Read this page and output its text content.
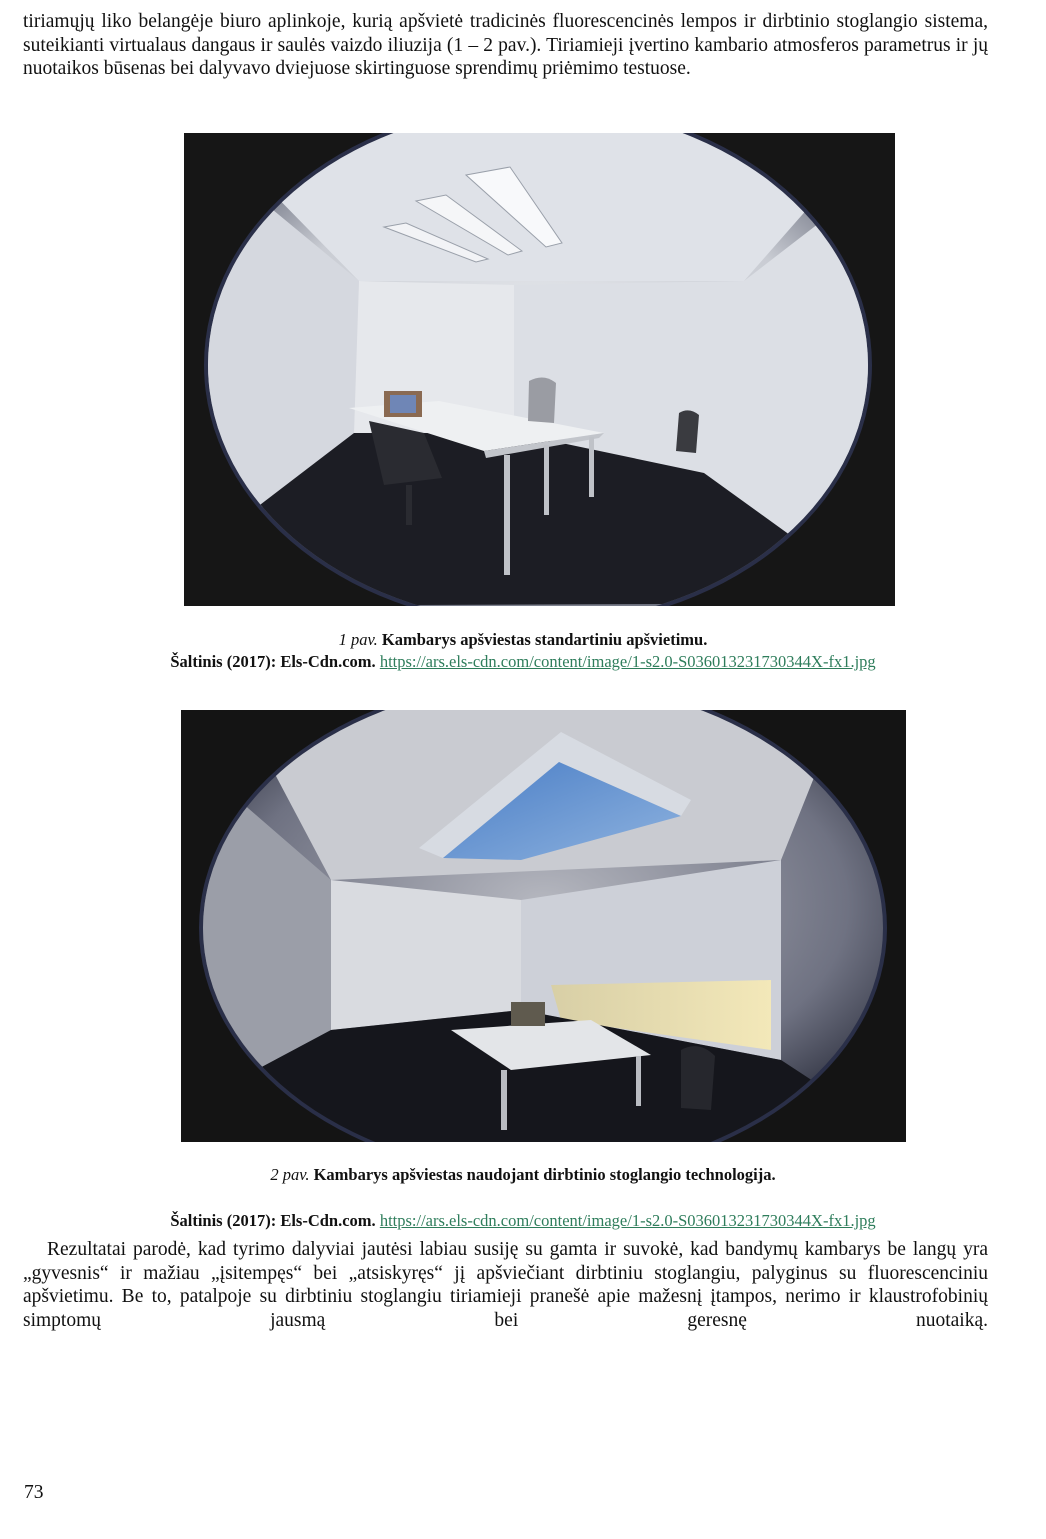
tiriamųjų liko belangėje biuro aplinkoje, kurią apšvietė tradicinės fluorescencinės lempos ir dirbtinio stoglangio sistema, suteikianti virtualaus dangaus ir saulės vaizdo iliuzija (1 – 2 pav.). Tiriamieji įvertino kambario atmosferos parametrus ir jų nuotaikos būsenas bei dalyvavo dviejuose skirtinguose sprendimų priėmimo testuose.

1 pav. Kambarys apšviestas standartiniu apšvietimu.

Šaltinis (2017): Els-Cdn.com. https://ars.els-cdn.com/content/image/1-s2.0-S036013231730344X-fx1.jpg

2 pav. Kambarys apšviestas naudojant dirbtinio stoglangio technologija.

Šaltinis (2017): Els-Cdn.com. https://ars.els-cdn.com/content/image/1-s2.0-S036013231730344X-fx1.jpg

Rezultatai parodė, kad tyrimo dalyviai jautėsi labiau susiję su gamta ir suvokė, kad bandymų kambarys be langų yra „gyvesnis“ ir mažiau „įsitempęs“ bei „atsiskyręs“ jį apšviečiant dirbtiniu stoglangiu, palyginus su fluorescenciniu apšvietimu. Be to, patalpoje su dirbtiniu stoglangiu tiriamieji pranešė apie mažesnį įtampos, nerimo ir klaustrofobinių simptomų jausmą bei geresnę nuotaiką.

73
